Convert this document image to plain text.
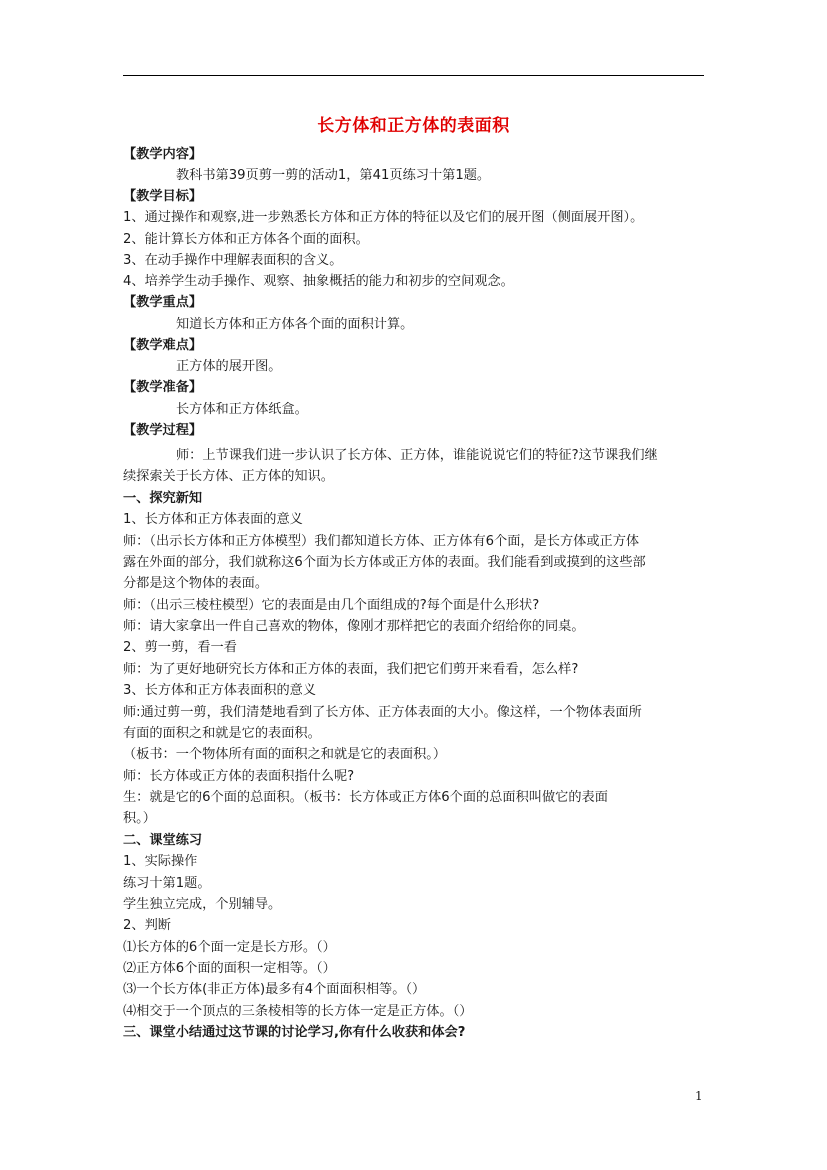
长方体和正方体的表面积
【教学内容】
教科书第39页剪一剪的活动1，第41页练习十第1题。
【教学目标】
1、通过操作和观察,进一步熟悉长方体和正方体的特征以及它们的展开图（侧面展开图）。
2、能计算长方体和正方体各个面的面积。
3、在动手操作中理解表面积的含义。
4、培养学生动手操作、观察、抽象概括的能力和初步的空间观念。
【教学重点】
知道长方体和正方体各个面的面积计算。
【教学难点】
正方体的展开图。
【教学准备】
长方体和正方体纸盒。
【教学过程】
师：上节课我们进一步认识了长方体、正方体，谁能说说它们的特征?这节课我们继
续探索关于长方体、正方体的知识。
一、探究新知
1、长方体和正方体表面的意义
师：（出示长方体和正方体模型）我们都知道长方体、正方体有6个面，是长方体或正方体
露在外面的部分，我们就称这6个面为长方体或正方体的表面。我们能看到或摸到的这些部
分都是这个物体的表面。
师：（出示三棱柱模型）它的表面是由几个面组成的?每个面是什么形状?
师：请大家拿出一件自己喜欢的物体，像刚才那样把它的表面介绍给你的同桌。
2、剪一剪，看一看
师：为了更好地研究长方体和正方体的表面，我们把它们剪开来看看，怎么样?
3、长方体和正方体表面积的意义
师:通过剪一剪，我们清楚地看到了长方体、正方体表面的大小。像这样，一个物体表面所
有面的面积之和就是它的表面积。
（板书：一个物体所有面的面积之和就是它的表面积。）
师：长方体或正方体的表面积指什么呢?
生：就是它的6个面的总面积。（板书：长方体或正方体6个面的总面积叫做它的表面
积。）
二、课堂练习
1、实际操作
练习十第1题。
学生独立完成，个别辅导。
2、判断
⑴长方体的6个面一定是长方形。（）
⑵正方体6个面的面积一定相等。（）
⑶一个长方体(非正方体)最多有4个面面积相等。（）
⑷相交于一个顶点的三条棱相等的长方体一定是正方体。（）
三、课堂小结通过这节课的讨论学习,你有什么收获和体会?
1
